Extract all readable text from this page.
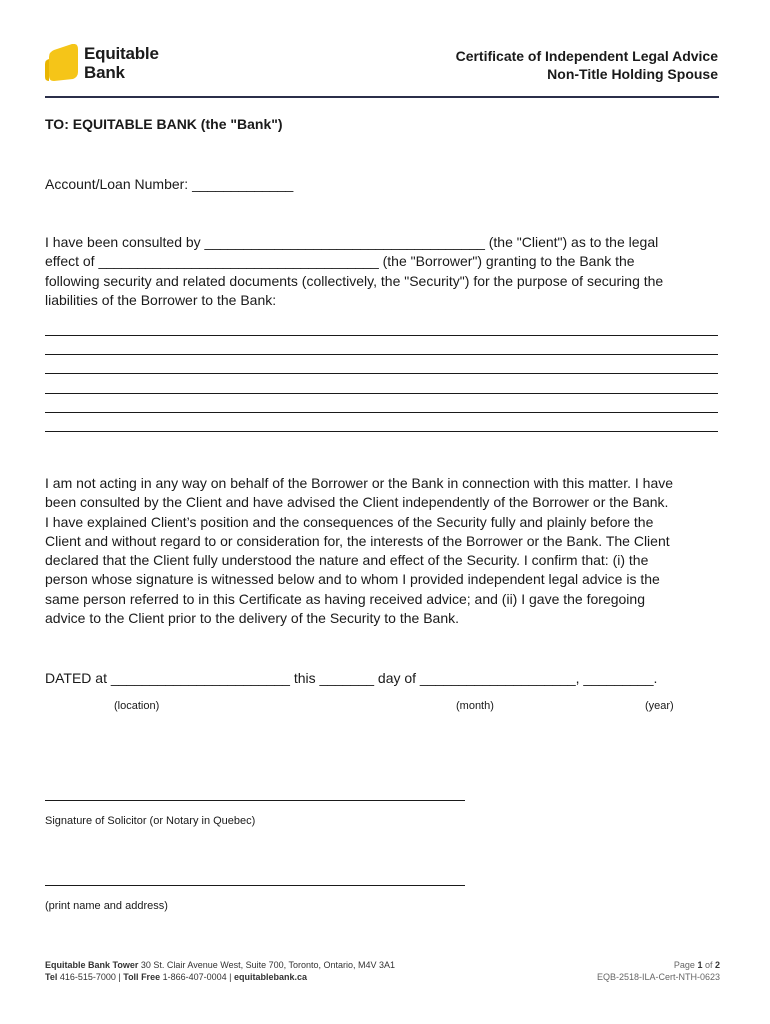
Equitable
Bank
Certificate of Independent Legal Advice
Non-Title Holding Spouse
TO: EQUITABLE BANK (the "Bank")
Account/Loan Number: _____________
I have been consulted by ____________________________________ (the "Client") as to the legal
effect of ____________________________________ (the "Borrower") granting to the Bank the
following security and related documents (collectively, the "Security") for the purpose of securing the
liabilities of the Borrower to the Bank:
I am not acting in any way on behalf of the Borrower or the Bank in connection with this matter. I have
been consulted by the Client and have advised the Client independently of the Borrower or the Bank.
I have explained Client’s position and the consequences of the Security fully and plainly before the
Client and without regard to or consideration for, the interests of the Borrower or the Bank. The Client
declared that the Client fully understood the nature and effect of the Security. I confirm that: (i) the
person whose signature is witnessed below and to whom I provided independent legal advice is the
same person referred to in this Certificate as having received advice; and (ii) I gave the foregoing
advice to the Client prior to the delivery of the Security to the Bank.
DATED at _______________________ this _______ day of ____________________, _________.
(location)	(month)	(year)
Signature of Solicitor (or Notary in Quebec)
(print name and address)
Equitable Bank Tower 30 St. Clair Avenue West, Suite 700, Toronto, Ontario, M4V 3A1
Tel 416-515-7000 | Toll Free 1-866-407-0004 | equitablebank.ca
Page 1 of 2
EQB-2518-ILA-Cert-NTH-0623
